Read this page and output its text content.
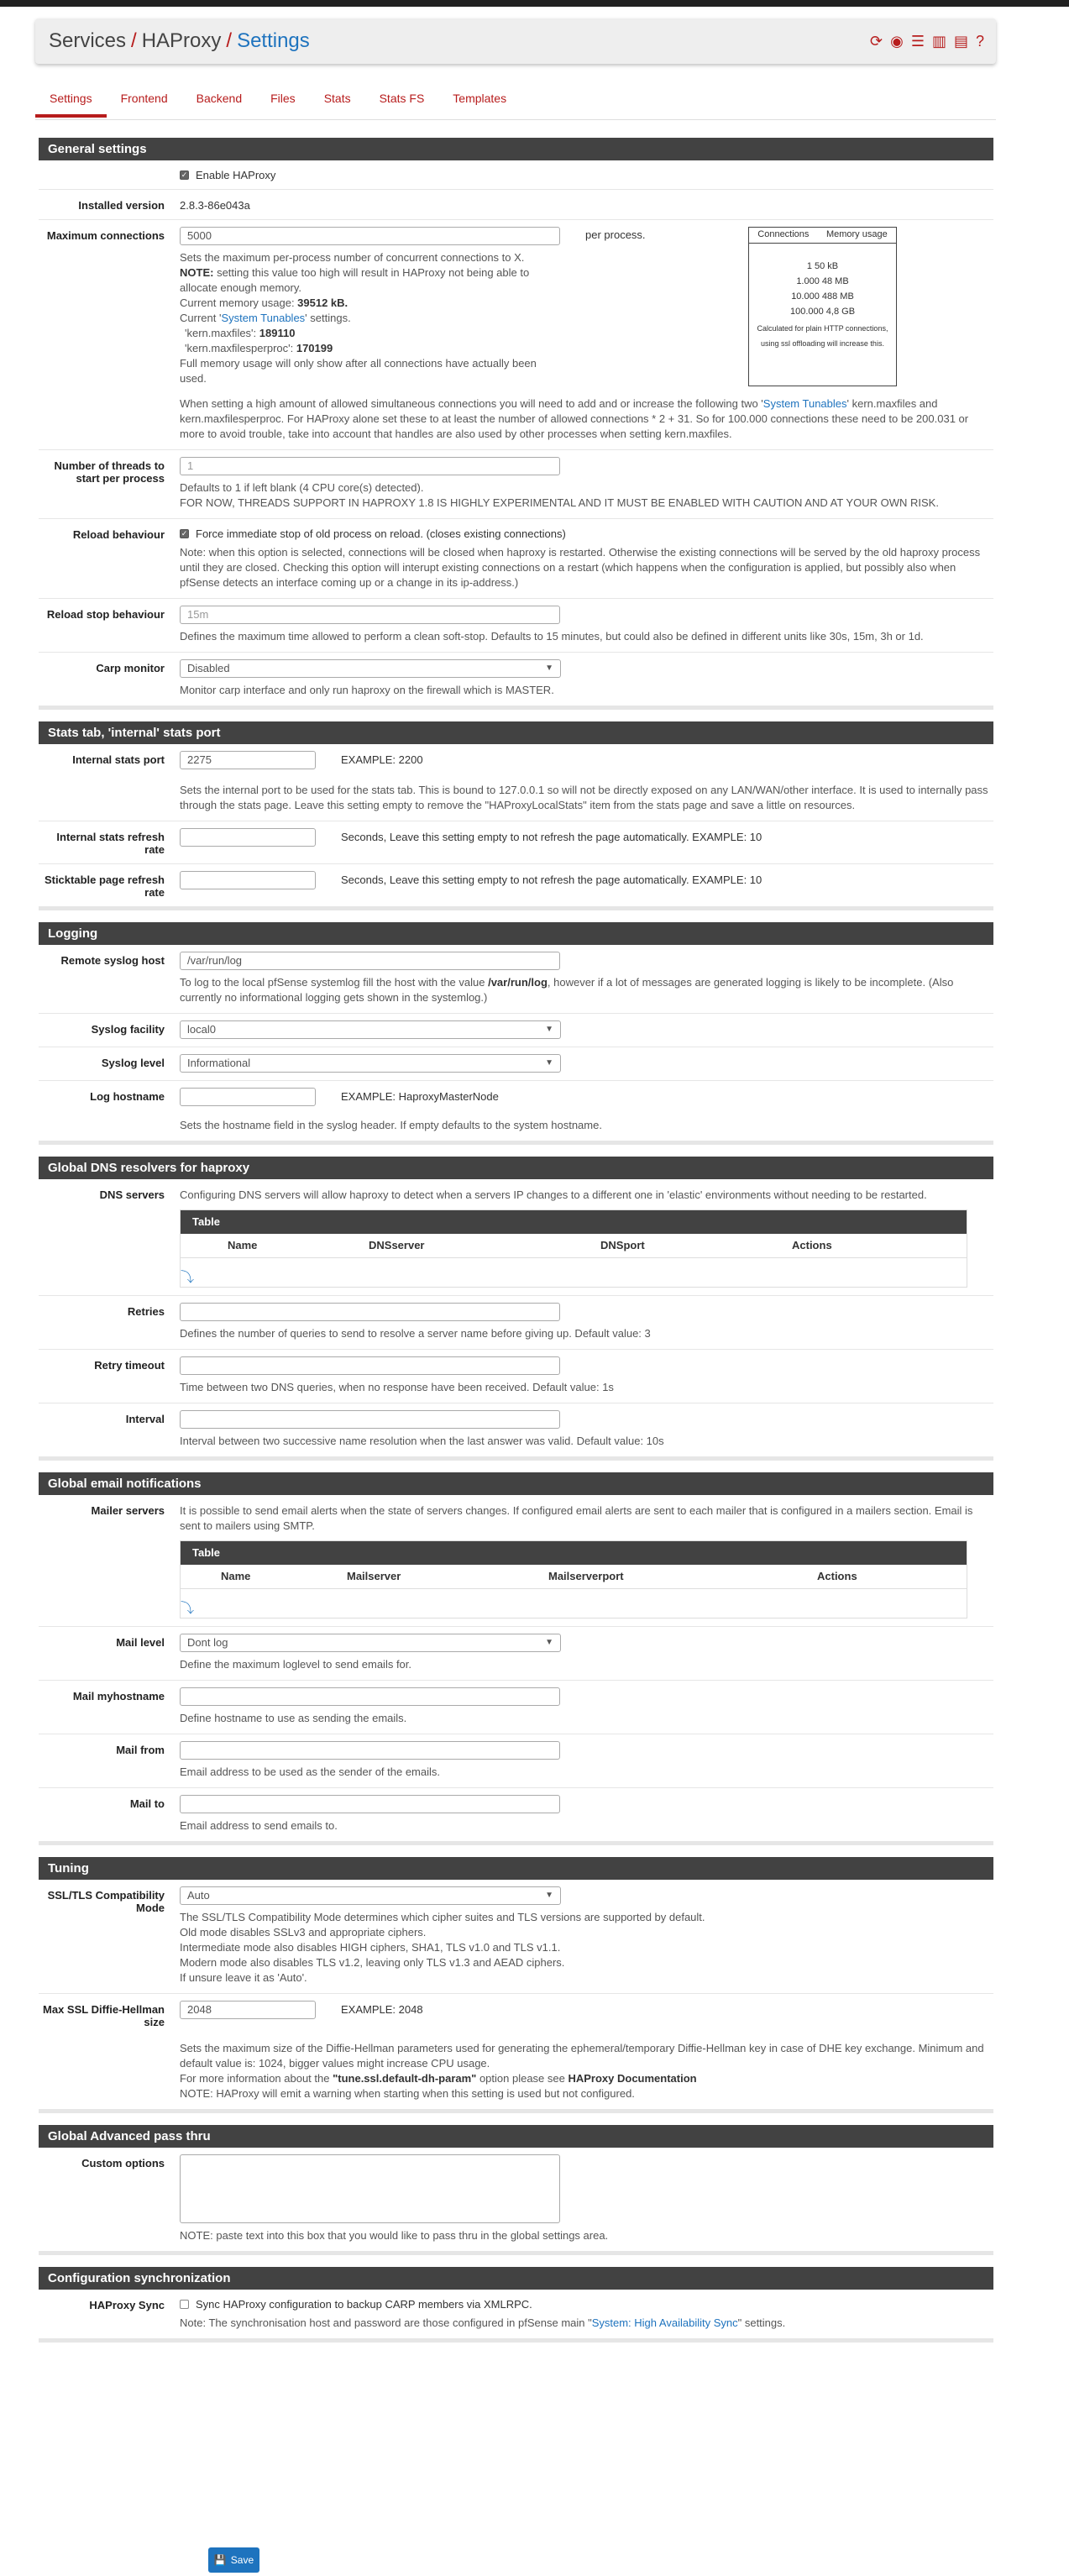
Services / HAProxy / Settings	⟳ ◉ ☰ ▥ ▤ ?
Settings	Frontend	Backend	Files	Stats	Stats FS	Templates
General settings
✓ Enable HAProxy
Installed version	2.8.3-86e043a
Maximum connections	5000
Sets the maximum per-process number of concurrent connections to X.
NOTE: setting this value too high will result in HAProxy not being able to allocate enough memory.
Current memory usage: 39512 kB.
Current 'System Tunables' settings.
'kern.maxfiles': 189110
'kern.maxfilesperproc': 170199
Full memory usage will only show after all connections have actually been used.
per process.	Connections Memory usage
1 50 kB
1.000 48 MB
10.000 488 MB
100.000 4,8 GB
Calculated for plain HTTP connections,
using ssl offloading will increase this.
When setting a high amount of allowed simultaneous connections you will need to add and or increase the following two 'System Tunables' kern.maxfiles and kern.maxfilesperproc. For HAProxy alone set these to at least the number of allowed connections * 2 + 31. So for 100.000 connections these need to be 200.031 or more to avoid trouble, take into account that handles are also used by other processes when setting kern.maxfiles.
Number of threads to start per process
1
Defaults to 1 if left blank (4 CPU core(s) detected).
FOR NOW, THREADS SUPPORT IN HAPROXY 1.8 IS HIGHLY EXPERIMENTAL AND IT MUST BE ENABLED WITH CAUTION AND AT YOUR OWN RISK.
Reload behaviour	✓ Force immediate stop of old process on reload. (closes existing connections)
Note: when this option is selected, connections will be closed when haproxy is restarted. Otherwise the existing connections will be served by the old haproxy process until they are closed. Checking this option will interupt existing connections on a restart (which happens when the configuration is applied, but possibly also when pfSense detects an interface coming up or a change in its ip-address.)
Reload stop behaviour	15m
Defines the maximum time allowed to perform a clean soft-stop. Defaults to 15 minutes, but could also be defined in different units like 30s, 15m, 3h or 1d.
Carp monitor	Disabled	▼
Monitor carp interface and only run haproxy on the firewall which is MASTER.
Stats tab, 'internal' stats port
Internal stats port	2275	EXAMPLE: 2200
Sets the internal port to be used for the stats tab. This is bound to 127.0.0.1 so will not be directly exposed on any LAN/WAN/other interface. It is used to internally pass through the stats page. Leave this setting empty to remove the "HAProxyLocalStats" item from the stats page and save a little on resources.
Internal stats refresh rate
Seconds, Leave this setting empty to not refresh the page automatically. EXAMPLE: 10
Sticktable page refresh rate
Seconds, Leave this setting empty to not refresh the page automatically. EXAMPLE: 10
Logging
Remote syslog host	/var/run/log
To log to the local pfSense systemlog fill the host with the value /var/run/log, however if a lot of messages are generated logging is likely to be incomplete. (Also currently no informational logging gets shown in the systemlog.)
Syslog facility	local0	▼
Syslog level	Informational	▼
Log hostname	EXAMPLE: HaproxyMasterNode
Sets the hostname field in the syslog header. If empty defaults to the system hostname.
Global DNS resolvers for haproxy
DNS servers	Configuring DNS servers will allow haproxy to detect when a servers IP changes to a different one in 'elastic' environments without needing to be restarted.
Table
Name	DNSserver	DNSport	Actions
⤵
Retries
Defines the number of queries to send to resolve a server name before giving up. Default value: 3
Retry timeout
Time between two DNS queries, when no response have been received. Default value: 1s
Interval
Interval between two successive name resolution when the last answer was valid. Default value: 10s
Global email notifications
Mailer servers	It is possible to send email alerts when the state of servers changes. If configured email alerts are sent to each mailer that is configured in a mailers section. Email is sent to mailers using SMTP.
Table
Name	Mailserver	Mailserverport	Actions
⤵
Mail level	Dont log	▼
Define the maximum loglevel to send emails for.
Mail myhostname
Define hostname to use as sending the emails.
Mail from
Email address to be used as the sender of the emails.
Mail to
Email address to send emails to.
Tuning
SSL/TLS Compatibility Mode
Auto	▼
The SSL/TLS Compatibility Mode determines which cipher suites and TLS versions are supported by default.
Old mode disables SSLv3 and appropriate ciphers.
Intermediate mode also disables HIGH ciphers, SHA1, TLS v1.0 and TLS v1.1.
Modern mode also disables TLS v1.2, leaving only TLS v1.3 and AEAD ciphers.
If unsure leave it as 'Auto'.
Max SSL Diffie-Hellman size
2048	EXAMPLE: 2048
Sets the maximum size of the Diffie-Hellman parameters used for generating the ephemeral/temporary Diffie-Hellman key in case of DHE key exchange. Minimum and default value is: 1024, bigger values might increase CPU usage.
For more information about the "tune.ssl.default-dh-param" option please see HAProxy Documentation
NOTE: HAProxy will emit a warning when starting when this setting is used but not configured.
Global Advanced pass thru
Custom options
NOTE: paste text into this box that you would like to pass thru in the global settings area.
Configuration synchronization
HAProxy Sync	Sync HAProxy configuration to backup CARP members via XMLRPC.
Note: The synchronisation host and password are those configured in pfSense main "System: High Availability Sync" settings.
💾 Save
